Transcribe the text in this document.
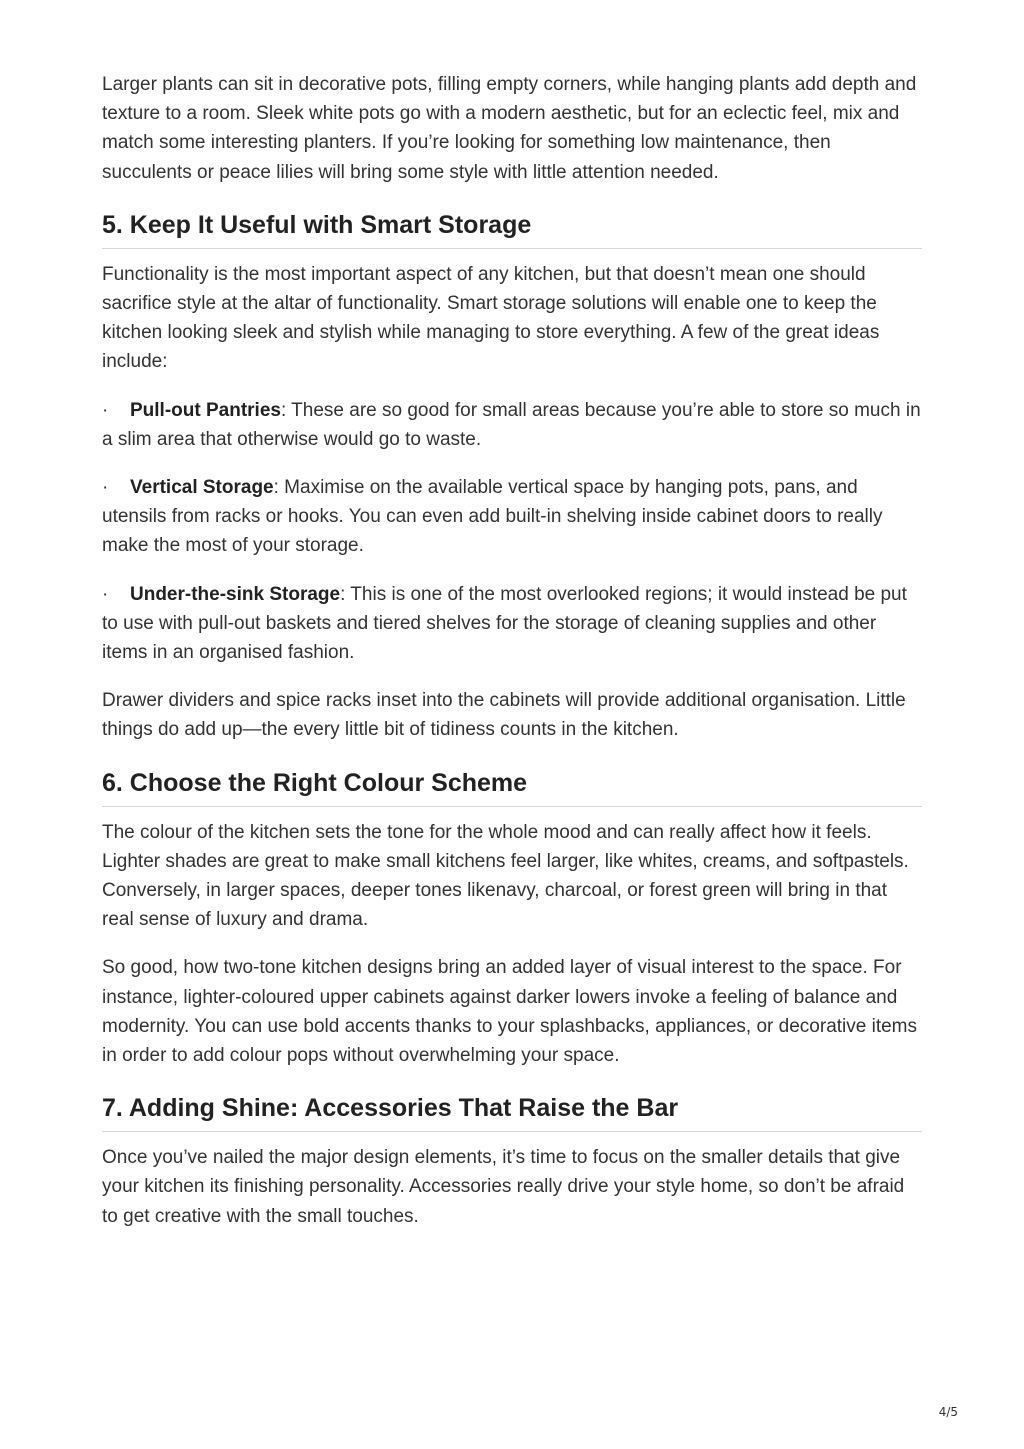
Larger plants can sit in decorative pots, filling empty corners, while hanging plants add depth and texture to a room. Sleek white pots go with a modern aesthetic, but for an eclectic feel, mix and match some interesting planters. If you’re looking for something low maintenance, then succulents or peace lilies will bring some style with little attention needed.

5. Keep It Useful with Smart Storage

Functionality is the most important aspect of any kitchen, but that doesn’t mean one should sacrifice style at the altar of functionality. Smart storage solutions will enable one to keep the kitchen looking sleek and stylish while managing to store everything. A few of the great ideas include:

· Pull-out Pantries: These are so good for small areas because you’re able to store so much in a slim area that otherwise would go to waste.

· Vertical Storage: Maximise on the available vertical space by hanging pots, pans, and utensils from racks or hooks. You can even add built-in shelving inside cabinet doors to really make the most of your storage.

· Under-the-sink Storage: This is one of the most overlooked regions; it would instead be put to use with pull-out baskets and tiered shelves for the storage of cleaning supplies and other items in an organised fashion.

Drawer dividers and spice racks inset into the cabinets will provide additional organisation. Little things do add up—the every little bit of tidiness counts in the kitchen.

6. Choose the Right Colour Scheme

The colour of the kitchen sets the tone for the whole mood and can really affect how it feels. Lighter shades are great to make small kitchens feel larger, like whites, creams, and softpastels. Conversely, in larger spaces, deeper tones likenavy, charcoal, or forest green will bring in that real sense of luxury and drama.

So good, how two-tone kitchen designs bring an added layer of visual interest to the space. For instance, lighter-coloured upper cabinets against darker lowers invoke a feeling of balance and modernity. You can use bold accents thanks to your splashbacks, appliances, or decorative items in order to add colour pops without overwhelming your space.

7. Adding Shine: Accessories That Raise the Bar

Once you’ve nailed the major design elements, it’s time to focus on the smaller details that give your kitchen its finishing personality. Accessories really drive your style home, so don’t be afraid to get creative with the small touches.

4/5
